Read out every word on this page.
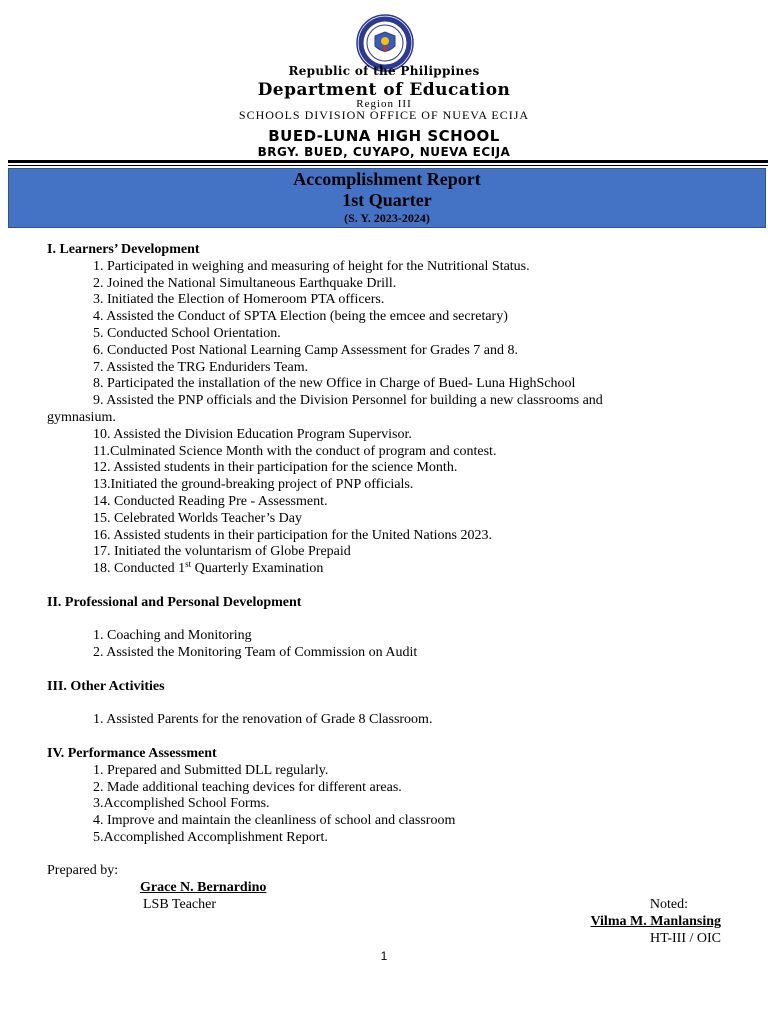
Republic of the Philippines
Department of Education
Region III
SCHOOLS DIVISION OFFICE OF NUEVA ECIJA
BUED-LUNA HIGH SCHOOL
BRGY. BUED, CUYAPO, NUEVA ECIJA
Accomplishment Report
1st Quarter
(S. Y. 2023-2024)
I. Learners’ Development
1. Participated in weighing and measuring of height for the Nutritional Status.
2. Joined the National Simultaneous Earthquake Drill.
3. Initiated the Election of Homeroom PTA officers.
4. Assisted the Conduct of SPTA Election (being the emcee and secretary)
5. Conducted School Orientation.
6. Conducted Post National Learning Camp Assessment for Grades 7 and 8.
7. Assisted the TRG Enduriders Team.
8. Participated the installation of the new Office in Charge of Bued- Luna HighSchool
9. Assisted the PNP officials and the Division Personnel for building a new classrooms and
gymnasium.
10. Assisted the Division Education Program Supervisor.
11.Culminated Science Month with the conduct of program and contest.
12. Assisted students in their participation for the science Month.
13.Initiated the ground-breaking project of PNP officials.
14. Conducted Reading Pre - Assessment.
15. Celebrated Worlds Teacher’s Day
16. Assisted students in their participation for the United Nations 2023.
17. Initiated the voluntarism of Globe Prepaid
18. Conducted 1st Quarterly Examination
II. Professional and Personal Development
1. Coaching and Monitoring
2. Assisted the Monitoring Team of Commission on Audit
III. Other Activities
1. Assisted Parents for the renovation of Grade 8 Classroom.
IV. Performance Assessment
1. Prepared and Submitted DLL regularly.
2. Made additional teaching devices for different areas.
3.Accomplished School Forms.
4. Improve and maintain the cleanliness of school and classroom
5.Accomplished Accomplishment Report.
Prepared by:
Grace N. Bernardino
LSB Teacher	Noted:
Vilma M. Manlansing
HT-III / OIC
1
